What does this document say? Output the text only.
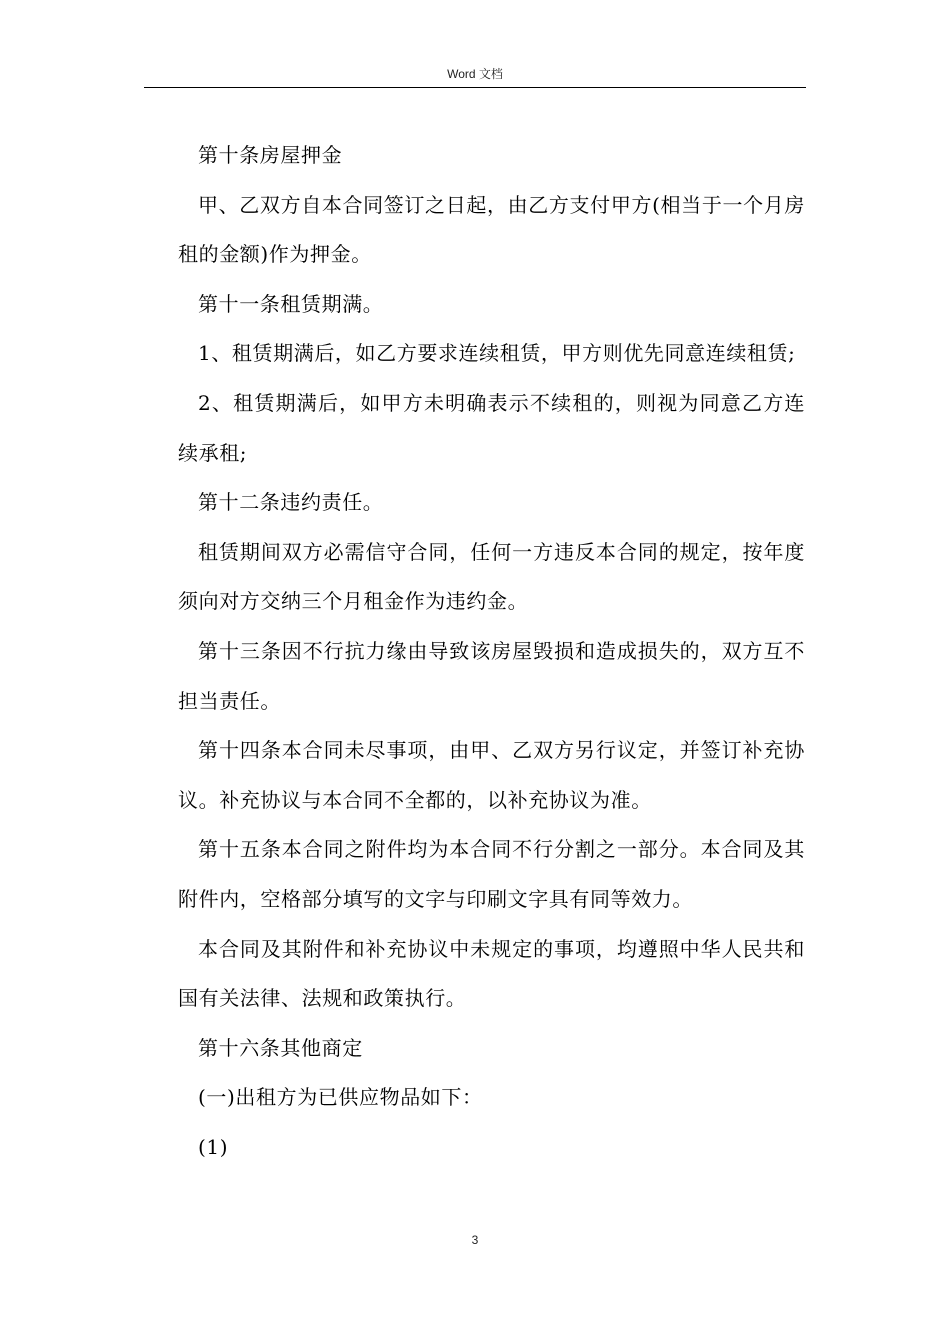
Word 文档

第十条房屋押金

甲、乙双方自本合同签订之日起，由乙方支付甲方(相当于一个月房租的金额)作为押金。

第十一条租赁期满。

1、租赁期满后，如乙方要求连续租赁，甲方则优先同意连续租赁;

2、租赁期满后，如甲方未明确表示不续租的，则视为同意乙方连续承租;

第十二条违约责任。

租赁期间双方必需信守合同，任何一方违反本合同的规定，按年度须向对方交纳三个月租金作为违约金。

第十三条因不行抗力缘由导致该房屋毁损和造成损失的，双方互不担当责任。

第十四条本合同未尽事项，由甲、乙双方另行议定，并签订补充协议。补充协议与本合同不全都的，以补充协议为准。

第十五条本合同之附件均为本合同不行分割之一部分。本合同及其附件内，空格部分填写的文字与印刷文字具有同等效力。

本合同及其附件和补充协议中未规定的事项，均遵照中华人民共和国有关法律、法规和政策执行。

第十六条其他商定

(一)出租方为已供应物品如下：

(1)

3
